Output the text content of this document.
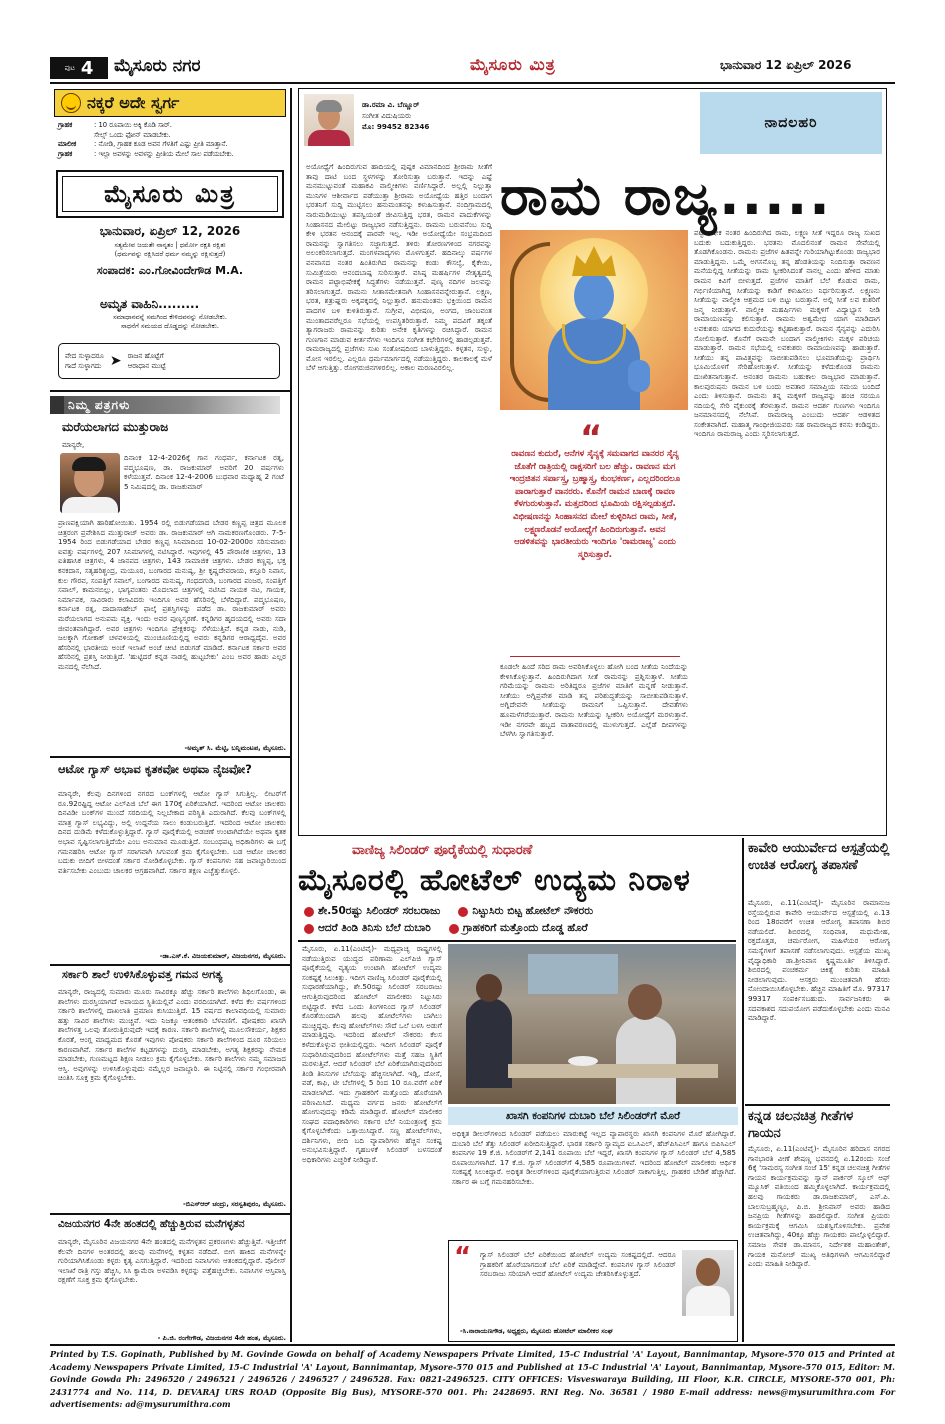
ಪುಟ 4 ಮೈಸೂರು ನಗರ	ಮೈಸೂರು ಮಿತ್ರ	ಭಾನುವಾರ 12 ಏಪ್ರಿಲ್ 2026
ನಕ್ಕರೆ ಅದೇ ಸ್ವರ್ಗ
ಗ್ರಾಹಕ	: 10 ರೂಪಾಯಿ ಅಕ್ಕಿ ಕೊಡಿ ಸಾರ್.
ಸೇಲ್ಸ್ ಒಂದು ಫೋನ್ ಮಾಡಬೇಕು.
ಮಾಲೀಕ	: ನೋಡಿ, ಗ್ರಾಹಕ ಕೂಡ ಅವನ ಗೆಳತಿಗೆ ಎಷ್ಟು ಪ್ರೀತಿ ಮಾತ್ತಾನೆ.
ಗ್ರಾಹಕ	: ಇಲ್ಲಾ ಅವಳನ್ನು ಅವಳನ್ನು ಪ್ರೀತಿಯ ಮೇಲೆ ಸಾಲ ಪಡೆಯಬೇಕು.
ಮೈಸೂರು ಮಿತ್ರ
ಭಾನುವಾರ, ಏಪ್ರಿಲ್ 12, 2026
ಸತ್ಯಮೇವ ಜಯತೇ ನಾನೃತಂ | ಧರ್ಮೋ ರಕ್ಷತಿ ರಕ್ಷಿತಃ
(ಧರ್ಮವನ್ನು ರಕ್ಷಿಸಿದರೆ ಧರ್ಮ ನಮ್ಮನ್ನು ರಕ್ಷಿಸುತ್ತದೆ)
ಸಂಪಾದಕ: ಎಂ.ಗೋವಿಂದೇಗೌಡ M.A.
ಅಮೃತ ವಾಹಿನಿ.........
ಸಮಾಧಾನವನ್ನೆ ಸಮಗಿಂದ ಕೇಳಿದವನನ್ನು ನೋಡಬೇಕು.
ಸಾಧನೆಗೆ ಸಮಯದ ದೊಡ್ಡದನ್ನು ನೋಡಬೇಕು.
ವೇದ ಸುಳ್ಳಾದರೂ
ಗಾದೆ ಸುಳ್ಳಾಗದು ➤ ರಾಜನ ಹೊಟ್ಟೆಗೆ
ಆರಾಧಾನ ಮುಟ್ಟೆ
ನಿಮ್ಮ ಪತ್ರಗಳು
ಮರೆಯಲಾಗದ ಮುತ್ತುರಾಜ
ಮಾನ್ಯರೇ,
ದಿನಾಂಕ 12-4-2026ಕ್ಕೆ ಗಾನ ಗಂಧರ್ವ, ಕರ್ನಾಟಕ ರತ್ನ, ಪದ್ಮಭೂಷಣ, ಡಾ. ರಾಜಕುಮಾರ್ ಅವರಿಗೆ 20 ವರ್ಷಗಳು ಕಳೆಯುತ್ತವೆ. ದಿನಾಂಕ 12-4-2006 ಬುಧವಾರ ಮಧ್ಯಾಹ್ನ 2 ಗಂಟೆ 5 ನಿಮಿಷದಲ್ಲಿ ಡಾ. ರಾಜಕುಮಾರ್
ಪ್ರಾಣಪಕ್ಷಿಯಾಗಿ ಹಾರಿಹೋಯಿತು. 1954 ರಲ್ಲಿ ಬಿಡುಗಡೆಯಾದ ಬೇಡರ ಕಣ್ಣಪ್ಪ ಚಿತ್ರದ ಮೂಲಕ ಚಿತ್ರರಂಗ ಪ್ರವೇಶಿಸಿದ ಮುತ್ತುರಾಜ್ ಅವರು ಡಾ. ರಾಜಕುಮಾರ್ ಆಗಿ ನಾಮಕರಣಗೊಂಡರು. 7-5-1954 ರಿಂದ ಬಿಡುಗಡೆಯಾದ ಬೇಡರ ಕಣ್ಣಪ್ಪ ಸಿನಿಮಾದಿಂದ 10-02-2000ರ ಸರಿಸುಮಾರು ಐವತ್ತು ವರ್ಷಗಳಲ್ಲಿ 207 ಸಿನಿಮಾಗಳಲ್ಲಿ ನಟಿಸಿದ್ದಾರೆ. ಇವುಗಳಲ್ಲಿ 45 ಪೌರಾಣಿಕ ಚಿತ್ರಗಳು, 13 ಐತಿಹಾಸಿಕ ಚಿತ್ರಗಳು, 4 ಜಾನಪದ ಚಿತ್ರಗಳು, 143 ಸಾಮಾಜಿಕ ಚಿತ್ರಗಳು. ಬೇಡರ ಕಣ್ಣಪ್ಪ, ಭಕ್ತ ಕನಕದಾಸ, ಸತ್ಯಹರಿಶ್ಚಂದ್ರ, ಮಯೂರ, ಬಂಗಾರದ ಮನುಷ್ಯ, ಶ್ರೀ ಕೃಷ್ಣದೇವರಾಯ, ಕಸ್ತೂರಿ ನಿವಾಸ, ಕುಲ ಗೌರವ, ಸಂಪತ್ತಿಗೆ ಸವಾಲ್, ಬಂಗಾರದ ಮನುಷ್ಯ, ಗಂಧದಗುಡಿ, ಬಂಗಾರದ ಪಂಜರ, ಸಂಪತ್ತಿಗೆ ಸವಾಲ್, ಕಾಮನಬಿಲ್ಲು, ಭಾಗ್ಯವಂತರು ಮೊದಲಾದ ಚಿತ್ರಗಳಲ್ಲಿ ನಟಿಸಿದ ನಾಯಕ ನಟ, ಗಾಯಕ, ನಿರ್ಮಾಪಕ, ಸಾವಿರಾರು ಕಲಾವಿದರು ಇಂದಿಗೂ ಅವರ ಹೆಸರಿನಲ್ಲಿ ಬೆಳೆದಿದ್ದಾರೆ. ಪದ್ಮಭೂಷಣ, ಕರ್ನಾಟಕ ರತ್ನ, ದಾದಾಸಾಹೇಬ್ ಫಾಲ್ಕೆ ಪ್ರಶಸ್ತಿಗಳನ್ನು ಪಡೆದ ಡಾ. ರಾಜಕುಮಾರ್ ಅವರು ಮರೆಯಲಾಗದ ಅನುಪಮ ವ್ಯಕ್ತಿ. ಇಂದು ಅವರ ಪುಣ್ಯಸ್ಮರಣೆ. ಕನ್ನಡಿಗರ ಹೃದಯದಲ್ಲಿ ಅವರು ಸದಾ ಜೀವಂತವಾಗಿದ್ದಾರೆ. ಅವರ ಚಿತ್ರಗಳು ಇಂದಿಗೂ ಪ್ರೇಕ್ಷಕರನ್ನು ಸೆಳೆಯುತ್ತಿವೆ. ಕನ್ನಡ ನಾಡು, ನುಡಿ, ಜಲಕ್ಕಾಗಿ ಗೋಕಾಕ್ ಚಳವಳಿಯಲ್ಲಿ ಮುಂಚೂಣಿಯಲ್ಲಿದ್ದ ಅವರು ಕನ್ನಡಿಗರ ಆರಾಧ್ಯದೈವ. ಅವರ ಹೆಸರಿನಲ್ಲಿ ಭಾರತೀಯ ಅಂಚೆ ಇಲಾಖೆ ಅಂಚೆ ಚೀಟಿ ಬಿಡುಗಡೆ ಮಾಡಿದೆ. ಕರ್ನಾಟಕ ಸರ್ಕಾರ ಅವರ ಹೆಸರಿನಲ್ಲಿ ಪ್ರಶಸ್ತಿ ನೀಡುತ್ತಿದೆ. 'ಹುಟ್ಟಿದರೆ ಕನ್ನಡ ನಾಡಲ್ಲಿ ಹುಟ್ಟಬೇಕು' ಎಂಬ ಅವರ ಹಾಡು ಎಲ್ಲರ ಮನದಲ್ಲಿ ನೆಲೆಸಿದೆ.
-ಅಮೃತ್ ಸಿ. ಮೆಟ್ಟಿ, ಬನ್ನಿಮಂಟಪ, ಮೈಸೂರು.
ಆಟೋ ಗ್ಯಾಸ್ ಅಭಾವ ಕೃತಕವೋ ಅಥವಾ ನೈಜವೋ?
ಮಾನ್ಯರೇ, ಕೆಲವು ದಿನಗಳಿಂದ ನಗರದ ಬಂಕ್‌ಗಳಲ್ಲಿ ಆಟೋ ಗ್ಯಾಸ್ ಸಿಗುತ್ತಿಲ್ಲ. ಲೀಟರ್‌ಗೆ ರೂ.92ರಷ್ಟಿದ್ದ ಆಟೋ ಎಲ್‌ಪಿಜಿ ಬೆಲೆ ಈಗ 170ಕ್ಕೆ ಏರಿಕೆಯಾಗಿದೆ. ಇದರಿಂದ ಆಟೋ ಚಾಲಕರು ದಿನವಿಡೀ ಬಂಕ್‌ಗಳ ಮುಂದೆ ಸರದಿಯಲ್ಲಿ ನಿಲ್ಲಬೇಕಾದ ಪರಿಸ್ಥಿತಿ ಎದುರಾಗಿದೆ. ಕೆಲವು ಬಂಕ್‌ಗಳಲ್ಲಿ ಮಾತ್ರ ಗ್ಯಾಸ್ ಲಭ್ಯವಿದ್ದು, ಅಲ್ಲಿ ಉದ್ದನೆಯ ಸಾಲು ಕಂಡುಬರುತ್ತಿದೆ. ಇದರಿಂದ ಆಟೋ ಚಾಲಕರು ದಿನದ ದುಡಿಮೆ ಕಳೆದುಕೊಳ್ಳುತ್ತಿದ್ದಾರೆ. ಗ್ಯಾಸ್ ಪೂರೈಕೆಯಲ್ಲಿ ಅಡಚಣೆ ಉಂಟಾಗಿದೆಯೇ ಅಥವಾ ಕೃತಕ ಅಭಾವ ಸೃಷ್ಟಿಸಲಾಗುತ್ತಿದೆಯೇ ಎಂಬ ಅನುಮಾನ ಮೂಡುತ್ತಿದೆ. ಸಂಬಂಧಪಟ್ಟ ಅಧಿಕಾರಿಗಳು ಈ ಬಗ್ಗೆ ಗಮನಹರಿಸಿ ಆಟೋ ಗ್ಯಾಸ್ ಸರಾಗವಾಗಿ ಸಿಗುವಂತೆ ಕ್ರಮ ಕೈಗೊಳ್ಳಬೇಕು. ಬಡ ಆಟೋ ಚಾಲಕರ ಬದುಕು ಬೀದಿಗೆ ಬೀಳದಂತೆ ಸರ್ಕಾರ ನೋಡಿಕೊಳ್ಳಬೇಕು. ಗ್ಯಾಸ್ ಕಂಪನಿಗಳು ಸಹ ಜವಾಬ್ದಾರಿಯಿಂದ ವರ್ತಿಸಬೇಕು ಎಂಬುದು ಚಾಲಕರ ಆಗ್ರಹವಾಗಿದೆ. ಸರ್ಕಾರ ತಕ್ಷಣ ಎಚ್ಚೆತ್ತುಕೊಳ್ಳಲಿ.
-ಡಾ.ಎಸ್.ಕೆ. ವಿಜಯಕುಮಾರ್, ವಿಜಯನಗರ, ಮೈಸೂರು.
ಸರ್ಕಾರಿ ಶಾಲೆ ಉಳಿಸಿಕೊಳ್ಳುವತ್ತ ಗಮನ ಅಗತ್ಯ
ಮಾನ್ಯರೇ, ರಾಜ್ಯದಲ್ಲಿ ಸುಮಾರು ಮೂರು ಸಾವಿರಕ್ಕೂ ಹೆಚ್ಚು ಸರ್ಕಾರಿ ಶಾಲೆಗಳು ಶಿಥಿಲಗೊಂಡು, ಈ ಶಾಲೆಗಳು ದುರಸ್ತಿಯಾಗದೆ ಅಪಾಯದ ಸ್ಥಿತಿಯಲ್ಲಿವೆ ಎಂದು ವರದಿಯಾಗಿದೆ. ಕಳೆದ ಕೆಲ ವರ್ಷಗಳಿಂದ ಸರ್ಕಾರಿ ಶಾಲೆಗಳಲ್ಲಿ ದಾಖಲಾತಿ ಪ್ರಮಾಣ ಕುಸಿಯುತ್ತಿದೆ. 15 ವರ್ಷದ ಕಾಲಾವಧಿಯಲ್ಲಿ ಸುಮಾರು ಹತ್ತು ಸಾವಿರ ಶಾಲೆಗಳು ಮುಚ್ಚಿವೆ. ಇದು ನಿಜಕ್ಕೂ ಆತಂಕಕಾರಿ ಬೆಳವಣಿಗೆ. ಪೋಷಕರು ಖಾಸಗಿ ಶಾಲೆಗಳತ್ತ ಒಲವು ತೋರುತ್ತಿರುವುದೇ ಇದಕ್ಕೆ ಕಾರಣ. ಸರ್ಕಾರಿ ಶಾಲೆಗಳಲ್ಲಿ ಮೂಲಸೌಕರ್ಯ, ಶಿಕ್ಷಕರ ಕೊರತೆ, ಆಂಗ್ಲ ಮಾಧ್ಯಮದ ಕೊರತೆ ಇವುಗಳು ಪೋಷಕರು ಸರ್ಕಾರಿ ಶಾಲೆಗಳಿಂದ ದೂರ ಸರಿಯಲು ಕಾರಣವಾಗಿವೆ. ಸರ್ಕಾರ ಶಾಲೆಗಳ ಕಟ್ಟಡಗಳನ್ನು ದುರಸ್ತಿ ಮಾಡಬೇಕು, ಅಗತ್ಯ ಶಿಕ್ಷಕರನ್ನು ನೇಮಕ ಮಾಡಬೇಕು, ಗುಣಮಟ್ಟದ ಶಿಕ್ಷಣ ನೀಡಲು ಕ್ರಮ ಕೈಗೊಳ್ಳಬೇಕು. ಸರ್ಕಾರಿ ಶಾಲೆಗಳು ನಮ್ಮ ಸಮಾಜದ ಆಸ್ತಿ. ಅವುಗಳನ್ನು ಉಳಿಸಿಕೊಳ್ಳುವುದು ನಮ್ಮೆಲ್ಲರ ಜವಾಬ್ದಾರಿ. ಈ ನಿಟ್ಟಿನಲ್ಲಿ ಸರ್ಕಾರ ಗಂಭೀರವಾಗಿ ಚಿಂತಿಸಿ ಸೂಕ್ತ ಕ್ರಮ ಕೈಗೊಳ್ಳಬೇಕು.
-ಬಿಎಸ್‌ಆರ್ ಚಂದ್ರು, ಸರಸ್ವತಿಪುರಂ, ಮೈಸೂರು.
ವಿಜಯನಗರ 4ನೇ ಹಂತದಲ್ಲಿ ಹೆಚ್ಚುತ್ತಿರುವ ಮನೆಗಳ್ಳತನ
ಮಾನ್ಯರೇ, ಮೈಸೂರಿನ ವಿಜಯನಗರ 4ನೇ ಹಂತದಲ್ಲಿ ಮನೆಗಳ್ಳತನ ಪ್ರಕರಣಗಳು ಹೆಚ್ಚುತ್ತಿವೆ. ಇತ್ತೀಚೆಗೆ ಕೆಲವೇ ದಿನಗಳ ಅಂತರದಲ್ಲಿ ಹಲವು ಮನೆಗಳಲ್ಲಿ ಕಳ್ಳತನ ನಡೆದಿದೆ. ಬೀಗ ಹಾಕಿದ ಮನೆಗಳನ್ನೇ ಗುರಿಯಾಗಿಸಿಕೊಂಡು ಕಳ್ಳರು ಕೃತ್ಯ ಎಸಗುತ್ತಿದ್ದಾರೆ. ಇದರಿಂದ ನಿವಾಸಿಗಳು ಆತಂಕದಲ್ಲಿದ್ದಾರೆ. ಪೊಲೀಸ್ ಇಲಾಖೆ ರಾತ್ರಿ ಗಸ್ತು ಹೆಚ್ಚಿಸಿ, ಸಿಸಿ ಕ್ಯಾಮೆರಾ ಅಳವಡಿಸಿ ಕಳ್ಳರನ್ನು ಪತ್ತೆಹಚ್ಚಬೇಕು. ನಿವಾಸಿಗಳ ಆಸ್ತಿಪಾಸ್ತಿ ರಕ್ಷಣೆಗೆ ಸೂಕ್ತ ಕ್ರಮ ಕೈಗೊಳ್ಳಬೇಕು.
- ಪಿ.ಜಿ. ರಂಗೇಗೌಡ, ವಿಜಯನಗರ 4ನೇ ಹಂತ, ಮೈಸೂರು.
ಡಾ.ರಮಾ ವಿ. ಬೆಣ್ಣೂರ್
ಸಂಗೀತ ವಿದುಷಿಯರು
ಮೊ: 99452 82346	ನಾದಲಹರಿ
ರಾಮ ರಾಜ್ಯ.....
ಅಯೋಧ್ಯೆಗೆ ಹಿಂದಿರುಗುವ ಹಾದಿಯಲ್ಲಿ ಪುಷ್ಪಕ ವಿಮಾನದಿಂದ ಶ್ರೀರಾಮ ಸೀತೆಗೆ ತಾವು ದಾಟಿ ಬಂದ ಸ್ಥಳಗಳನ್ನು ತೋರಿಸುತ್ತಾ ಬರುತ್ತಾನೆ. ಇದನ್ನು ಎಷ್ಟೆ ಮನಮುಟ್ಟುವಂತೆ ಮಹಾಕವಿ ವಾಲ್ಮೀಕಿಗಳು ವರ್ಣಿಸಿದ್ದಾರೆ. ಅಲ್ಲಲ್ಲಿ ನಿಲ್ಲುತ್ತಾ ಮುನಿಗಳ ಆಶೀರ್ವಾದ ಪಡೆಯುತ್ತಾ ಶ್ರೀರಾಮ ಅಯೋಧ್ಯೆಯ ಹತ್ತಿರ ಬಂದಾಗ ಭರತನಿಗೆ ಸುದ್ದಿ ಮುಟ್ಟಿಸಲು ಹನುಮಂತನನ್ನು ಕಳುಹಿಸುತ್ತಾನೆ. ನಂದಿಗ್ರಾಮದಲ್ಲಿ ನಾರುಮಡಿಯುಟ್ಟು ತಪಸ್ವಿಯಂತೆ ಜೀವಿಸುತ್ತಿದ್ದ ಭರತ, ರಾಮನ ಪಾದುಕೆಗಳನ್ನು ಸಿಂಹಾಸನದ ಮೇಲಿಟ್ಟು ರಾಜ್ಯಭಾರ ನಡೆಸುತ್ತಿದ್ದನು. ರಾಮನು ಬರುವನೆಂಬ ಸುದ್ದಿ ಕೇಳಿ ಭರತನ ಆನಂದಕ್ಕೆ ಪಾರವೇ ಇಲ್ಲ. ಇಡೀ ಅಯೋಧ್ಯೆಯೇ ಸಂಭ್ರಮದಿಂದ ರಾಮನನ್ನು ಸ್ವಾಗತಿಸಲು ಸಜ್ಜಾಗುತ್ತದೆ. ತಳಿರು ತೋರಣಗಳಿಂದ ನಗರವನ್ನು ಅಲಂಕರಿಸಲಾಗುತ್ತದೆ. ಮಂಗಳವಾದ್ಯಗಳು ಮೊಳಗುತ್ತವೆ. ಹದಿನಾಲ್ಕು ವರ್ಷಗಳ ವನವಾಸದ ನಂತರ ಹಿಂತಿರುಗಿದ ರಾಮನನ್ನು ಕಂಡು ಕೌಸಲ್ಯೆ, ಕೈಕೇಯಿ, ಸುಮಿತ್ರೆಯರು ಆನಂದಬಾಷ್ಪ ಸುರಿಸುತ್ತಾರೆ. ವಸಿಷ್ಠ ಮಹರ್ಷಿಗಳ ನೇತೃತ್ವದಲ್ಲಿ ರಾಮನ ಪಟ್ಟಾಭಿಷೇಕಕ್ಕೆ ಸಿದ್ಧತೆಗಳು ನಡೆಯುತ್ತವೆ. ಪುಣ್ಯ ನದಿಗಳ ಜಲವನ್ನು ತರಿಸಲಾಗುತ್ತದೆ. ರಾಮನು ಸೀತಾಸಮೇತನಾಗಿ ಸಿಂಹಾಸನವನ್ನೇರುತ್ತಾನೆ. ಲಕ್ಷ್ಮಣ, ಭರತ, ಶತ್ರುಘ್ನರು ಅಕ್ಕಪಕ್ಕದಲ್ಲಿ ನಿಲ್ಲುತ್ತಾರೆ. ಹನುಮಂತನು ಭಕ್ತಿಯಿಂದ ರಾಮನ ಪಾದಗಳ ಬಳಿ ಕುಳಿತಿರುತ್ತಾನೆ. ಸುಗ್ರೀವ, ವಿಭೀಷಣ, ಅಂಗದ, ಜಾಂಬವಂತ ಮುಂತಾದವರೆಲ್ಲರೂ ಸಭೆಯಲ್ಲಿ ಉಪಸ್ಥಿತರಿರುತ್ತಾರೆ. ನಿಮ್ಮ ಪದವಿಗೆ ತಕ್ಕಂತೆ ತ್ಯಾಗರಾಜರು ರಾಮನನ್ನು ಕುರಿತು ಅನೇಕ ಕೃತಿಗಳನ್ನು ರಚಿಸಿದ್ದಾರೆ. ರಾಮನ ಗುಣಗಾನ ಮಾಡುವ ಕೀರ್ತನೆಗಳು ಇಂದಿಗೂ ಸಂಗೀತ ಕಛೇರಿಗಳಲ್ಲಿ ಹಾಡಲ್ಪಡುತ್ತವೆ. ರಾಮರಾಜ್ಯದಲ್ಲಿ ಪ್ರಜೆಗಳು ಸುಖ ಸಂತೋಷದಿಂದ ಬಾಳುತ್ತಿದ್ದರು. ಕಳ್ಳತನ, ಸುಳ್ಳು, ಮೋಸ ಇರಲಿಲ್ಲ. ಎಲ್ಲರೂ ಧರ್ಮಮಾರ್ಗದಲ್ಲಿ ನಡೆಯುತ್ತಿದ್ದರು. ಕಾಲಕಾಲಕ್ಕೆ ಮಳೆ ಬೆಳೆ ಆಗುತ್ತಿತ್ತು. ರೋಗರುಜಿನಗಳಿರಲಿಲ್ಲ. ಅಕಾಲ ಮರಣವಿರಲಿಲ್ಲ.
ಪಟ್ಟಾಭಿಷೇಕ ನಂತರ ಹಿಂದಿರುಗಿದ ರಾಮ, ಲಕ್ಷ್ಮಣ ಸೀತೆ ಇದ್ದರೂ ರಾಜ್ಯ ಸುಖದ ಬದುಕು ಬದುಕುತ್ತಿದ್ದರು. ಭರತನು ಮೊದಲಿನಂತೆ ರಾಮನ ಸೇವೆಯಲ್ಲಿ ತೊಡಗಿಕೊಂಡನು. ರಾಮನು ಪ್ರಜೆಗಳ ಹಿತವನ್ನೇ ಗುರಿಯಾಗಿಟ್ಟುಕೊಂಡು ರಾಜ್ಯಭಾರ ಮಾಡುತ್ತಿದ್ದನು. ಒಮ್ಮೆ ಅಗಸನೊಬ್ಬ ತನ್ನ ಹೆಂಡತಿಯನ್ನು ನಿಂದಿಸುತ್ತಾ ರಾವಣನ ಮನೆಯಲ್ಲಿದ್ದ ಸೀತೆಯನ್ನು ರಾಮ ಸ್ವೀಕರಿಸಿದಂತೆ ನಾನಲ್ಲ ಎಂದು ಹೇಳಿದ ಮಾತು ರಾಮನ ಕಿವಿಗೆ ಬೀಳುತ್ತದೆ. ಪ್ರಜೆಗಳ ಮಾತಿಗೆ ಬೆಲೆ ಕೊಡುವ ರಾಮ, ಗರ್ಭಿಣಿಯಾಗಿದ್ದ ಸೀತೆಯನ್ನು ಕಾಡಿಗೆ ಕಳುಹಿಸಲು ನಿರ್ಧರಿಸುತ್ತಾನೆ. ಲಕ್ಷ್ಮಣನು ಸೀತೆಯನ್ನು ವಾಲ್ಮೀಕಿ ಆಶ್ರಮದ ಬಳಿ ಬಿಟ್ಟು ಬರುತ್ತಾನೆ. ಅಲ್ಲಿ ಸೀತೆ ಲವ ಕುಶರಿಗೆ ಜನ್ಮ ನೀಡುತ್ತಾಳೆ. ವಾಲ್ಮೀಕಿ ಮಹರ್ಷಿಗಳು ಮಕ್ಕಳಿಗೆ ವಿದ್ಯಾಭ್ಯಾಸ ನೀಡಿ ರಾಮಾಯಣವನ್ನು ಕಲಿಸುತ್ತಾರೆ. ರಾಮನು ಅಶ್ವಮೇಧ ಯಾಗ ಮಾಡಿದಾಗ ಲವಕುಶರು ಯಾಗದ ಕುದುರೆಯನ್ನು ಕಟ್ಟಿಹಾಕುತ್ತಾರೆ. ರಾಮನ ಸೈನ್ಯವನ್ನು ಎದುರಿಸಿ ಸೋಲಿಸುತ್ತಾರೆ. ಕೊನೆಗೆ ರಾಮನೇ ಬಂದಾಗ ವಾಲ್ಮೀಕಿಗಳು ಮಕ್ಕಳ ಪರಿಚಯ ಮಾಡುತ್ತಾರೆ. ರಾಮನ ಸಭೆಯಲ್ಲಿ ಲವಕುಶರು ರಾಮಾಯಣವನ್ನು ಹಾಡುತ್ತಾರೆ. ಸೀತೆಯು ತನ್ನ ಪಾವಿತ್ರ್ಯವನ್ನು ಸಾಬೀತುಪಡಿಸಲು ಭೂಮಾತೆಯನ್ನು ಪ್ರಾರ್ಥಿಸಿ ಭೂಮಿಯೊಳಗೆ ಸೇರಿಹೋಗುತ್ತಾಳೆ. ಸೀತೆಯನ್ನು ಕಳೆದುಕೊಂಡ ರಾಮನು ದುಃಖಿತನಾಗುತ್ತಾನೆ. ಅನಂತರ ರಾಮನು ಬಹುಕಾಲ ರಾಜ್ಯಭಾರ ಮಾಡುತ್ತಾನೆ. ಕಾಲಪುರುಷನು ರಾಮನ ಬಳಿ ಬಂದು ಅವತಾರ ಸಮಾಪ್ತಿಯ ಸಮಯ ಬಂದಿದೆ ಎಂದು ತಿಳಿಸುತ್ತಾನೆ. ರಾಮನು ತನ್ನ ಮಕ್ಕಳಿಗೆ ರಾಜ್ಯವನ್ನು ಹಂಚಿ ಸರಯೂ ನದಿಯಲ್ಲಿ ಸೇರಿ ವೈಕುಂಠಕ್ಕೆ ತೆರಳುತ್ತಾನೆ. ರಾಮನ ಆದರ್ಶ ಗುಣಗಳು ಇಂದಿಗೂ ಜನಮಾನಸದಲ್ಲಿ ನೆಲೆಸಿವೆ. ರಾಮರಾಜ್ಯ ಎಂಬುದು ಆದರ್ಶ ಆಡಳಿತದ ಸಂಕೇತವಾಗಿದೆ. ಮಹಾತ್ಮ ಗಾಂಧೀಜಿಯವರು ಸಹ ರಾಮರಾಜ್ಯದ ಕನಸು ಕಂಡಿದ್ದರು. ಇಂದಿಗೂ ರಾಮರಾಜ್ಯ ಎಂದು ಸ್ಮರಿಸಲಾಗುತ್ತದೆ.
“
ರಾವಣನ ಕುದುರೆ, ಆನೆಗಳ ಸೈನ್ಯಕ್ಕೆ ಸಮವಾಗದ ವಾನರರ ಸೈನ್ಯ ಜೊತೆಗೆ ರಾತ್ರಿಯಲ್ಲಿ ರಾಕ್ಷಸರಿಗೆ ಬಲ ಹೆಚ್ಚು. ರಾವಣನ ಮಗ ಇಂದ್ರಜಿತನ ಸರ್ಪಾಸ್ತ್ರ, ಬ್ರಹ್ಮಾಸ್ತ್ರ, ಕುಂಭಕರ್ಣ, ಎಲ್ಲದರಿಂದಲೂ ಪಾರಾಗುತ್ತಾರೆ ವಾನರರು. ಕೊನೆಗೆ ರಾಮನ ಬಾಣಕ್ಕೆ ರಾವಣ ಕೆಳಗುರುಳುತ್ತಾನೆ. ಮತ್ತದರಿಂದ ಭೂಮಿಯ ರಕ್ಷಿಸಲ್ಪಡುತ್ತದೆ. ವಿಭೀಷಣನನ್ನು ಸಿಂಹಾಸನದ ಮೇಲೆ ಕುಳ್ಳಿರಿಸಿದ ರಾಮ, ಸೀತೆ, ಲಕ್ಷ್ಮಣರೊಡನೆ ಅಯೋಧ್ಯೆಗೆ ಹಿಂದಿರುಗುತ್ತಾನೆ. ಅವನ ಆಡಳಿತವನ್ನು ಭಾರತೀಯರು ಇಂದಿಗೂ 'ರಾಮರಾಜ್ಯ' ಎಂದು ಸ್ಮರಿಸುತ್ತಾರೆ.
ಕೂಡಲೇ ಹಿಂದೆ ಸರಿದ ರಾಮ ಅವರಿಸಿಕೊಳ್ಳಲು ಹೋಗಿ ಬಂದ ಸೀತೆಯ ನಿಂದೆಯನ್ನು ಕೇಳಿಸಿಕೊಳ್ಳುತ್ತಾನೆ. ಹಿಂದಿರುಗಿದಾಗ ಸೀತೆ ರಾಮನನ್ನು ಪ್ರಶ್ನಿಸುತ್ತಾಳೆ. ಸೀತೆಯ ಗರಿಮೆಯನ್ನು ರಾಮನು ಅರಿತಿದ್ದರೂ ಪ್ರಜೆಗಳ ಮಾತಿಗೆ ಮನ್ನಣೆ ನೀಡುತ್ತಾನೆ. ಸೀತೆಯು ಅಗ್ನಿಪ್ರವೇಶ ಮಾಡಿ ತನ್ನ ಪರಿಶುದ್ಧತೆಯನ್ನು ಸಾಬೀತುಪಡಿಸುತ್ತಾಳೆ. ಅಗ್ನಿದೇವನೇ ಸೀತೆಯನ್ನು ರಾಮನಿಗೆ ಒಪ್ಪಿಸುತ್ತಾನೆ. ದೇವತೆಗಳು ಹೂಮಳೆಗರೆಯುತ್ತಾರೆ. ರಾಮನು ಸೀತೆಯನ್ನು ಸ್ವೀಕರಿಸಿ ಅಯೋಧ್ಯೆಗೆ ಮರಳುತ್ತಾನೆ. ಇಡೀ ನಗರವೇ ಹಬ್ಬದ ವಾತಾವರಣದಲ್ಲಿ ಮುಳುಗುತ್ತದೆ. ಎಲ್ಲೆಡೆ ದೀಪಗಳನ್ನು ಬೆಳಗಿಸಿ ಸ್ವಾಗತಿಸುತ್ತಾರೆ.
ವಾಣಿಜ್ಯ ಸಿಲಿಂಡರ್ ಪೂರೈಕೆಯಲ್ಲಿ ಸುಧಾರಣೆ
ಮೈಸೂರಲ್ಲಿ ಹೋಟೆಲ್ ಉದ್ಯಮ ನಿರಾಳ
ಶೇ.50ರಷ್ಟು ಸಿಲಿಂಡರ್ ಸರಬರಾಜು	ನಿಟ್ಟುಸಿರು ಬಿಟ್ಟ ಹೋಟೆಲ್ ನೌಕರರು
ಆದರೆ ತಿಂಡಿ ತಿನಿಸು ಬೆಲೆ ದುಬಾರಿ	ಗ್ರಾಹಕರಿಗೆ ಮತ್ತೊಂದು ದೊಡ್ಡ ಹೊರೆ
ಮೈಸೂರು, ಏ.11(ಎಂಟಿವೈ)- ಮಧ್ಯಪ್ರಾಚ್ಯ ರಾಷ್ಟ್ರಗಳಲ್ಲಿ ನಡೆಯುತ್ತಿರುವ ಯುದ್ಧದ ಪರಿಣಾಮ ಎಲ್‌ಪಿಜಿ ಗ್ಯಾಸ್ ಪೂರೈಕೆಯಲ್ಲಿ ವ್ಯತ್ಯಯ ಉಂಟಾಗಿ ಹೋಟೆಲ್ ಉದ್ಯಮ ಸಂಕಷ್ಟಕ್ಕೆ ಸಿಲುಕಿತ್ತು. ಇದೀಗ ವಾಣಿಜ್ಯ ಸಿಲಿಂಡರ್ ಪೂರೈಕೆಯಲ್ಲಿ ಸುಧಾರಣೆಯಾಗಿದ್ದು, ಶೇ.50ರಷ್ಟು ಸಿಲಿಂಡರ್ ಸರಬರಾಜು ಆಗುತ್ತಿರುವುದರಿಂದ ಹೋಟೆಲ್ ಮಾಲೀಕರು ನಿಟ್ಟುಸಿರು ಬಿಟ್ಟಿದ್ದಾರೆ. ಕಳೆದ ಒಂದು ತಿಂಗಳಿನಿಂದ ಗ್ಯಾಸ್ ಸಿಲಿಂಡರ್ ಕೊರತೆಯಿಂದಾಗಿ ಹಲವು ಹೋಟೆಲ್‌ಗಳು ಬಾಗಿಲು ಮುಚ್ಚಿದ್ದವು. ಕೆಲವು ಹೋಟೆಲ್‌ಗಳು ಸೌದೆ ಒಲೆ ಬಳಸಿ ಅಡುಗೆ ಮಾಡುತ್ತಿದ್ದವು. ಇದರಿಂದ ಹೋಟೆಲ್ ನೌಕರರು ಕೆಲಸ ಕಳೆದುಕೊಳ್ಳುವ ಭೀತಿಯಲ್ಲಿದ್ದರು. ಇದೀಗ ಸಿಲಿಂಡರ್ ಪೂರೈಕೆ ಸುಧಾರಿಸಿರುವುದರಿಂದ ಹೋಟೆಲ್‌ಗಳು ಮತ್ತೆ ಸಹಜ ಸ್ಥಿತಿಗೆ ಮರಳುತ್ತಿವೆ. ಆದರೆ ಸಿಲಿಂಡರ್ ಬೆಲೆ ಏರಿಕೆಯಾಗಿರುವುದರಿಂದ ತಿಂಡಿ ತಿನಿಸುಗಳ ಬೆಲೆಯನ್ನು ಹೆಚ್ಚಿಸಲಾಗಿದೆ. ಇಡ್ಲಿ, ದೋಸೆ, ವಡೆ, ಕಾಫಿ, ಟೀ ಬೆಲೆಗಳಲ್ಲಿ 5 ರಿಂದ 10 ರೂ.ವರೆಗೆ ಏರಿಕೆ ಮಾಡಲಾಗಿದೆ. ಇದು ಗ್ರಾಹಕರಿಗೆ ಮತ್ತೊಂದು ಹೊರೆಯಾಗಿ ಪರಿಣಮಿಸಿದೆ. ಮಧ್ಯಮ ವರ್ಗದ ಜನರು ಹೋಟೆಲ್‌ಗೆ ಹೋಗುವುದನ್ನು ಕಡಿಮೆ ಮಾಡಿದ್ದಾರೆ. ಹೋಟೆಲ್ ಮಾಲೀಕರ ಸಂಘದ ಪದಾಧಿಕಾರಿಗಳು ಸರ್ಕಾರ ಬೆಲೆ ನಿಯಂತ್ರಣಕ್ಕೆ ಕ್ರಮ ಕೈಗೊಳ್ಳಬೇಕೆಂದು ಒತ್ತಾಯಿಸಿದ್ದಾರೆ. ಸಣ್ಣ ಹೋಟೆಲ್‌ಗಳು, ದರ್ಶಿನಿಗಳು, ಬೀದಿ ಬದಿ ವ್ಯಾಪಾರಿಗಳು ಹೆಚ್ಚಿನ ಸಂಕಷ್ಟ ಅನುಭವಿಸುತ್ತಿದ್ದಾರೆ. ಗೃಹಬಳಕೆ ಸಿಲಿಂಡರ್ ಬಳಸದಂತೆ ಅಧಿಕಾರಿಗಳು ಎಚ್ಚರಿಕೆ ನೀಡಿದ್ದಾರೆ.
ಖಾಸಗಿ ಕಂಪನಿಗಳ ದುಬಾರಿ ಬೆಲೆ ಸಿಲಿಂಡರ್‌ಗೆ ಮೊರೆ
ಅಧಿಕೃತ ಡೀಲರ್‌ಗಳಿಂದ ಸಿಲಿಂಡರ್ ಪಡೆಯಲು ಮಾರುಕಟ್ಟೆ ಇಲ್ಲದ ವ್ಯಾಪಾರಸ್ಥರು ಖಾಸಗಿ ಕಂಪನಿಗಳ ಮೊರೆ ಹೋಗಿದ್ದಾರೆ. ದುಬಾರಿ ಬೆಲೆ ತೆತ್ತು ಸಿಲಿಂಡರ್ ಖರೀದಿಸುತ್ತಿದ್ದಾರೆ. ಭಾರತ ಸರ್ಕಾರಿ ಸ್ವಾಮ್ಯದ ಐಒಸಿಎಲ್, ಹೆಚ್‌ಪಿಸಿಎಲ್ ಹಾಗೂ ಬಿಪಿಸಿಎಲ್ ಕಂಪನಿಗಳ 19 ಕೆ.ಜಿ. ಸಿಲಿಂಡರ್‌ಗೆ 2,141 ರೂಪಾಯಿ ಬೆಲೆ ಇದ್ದರೆ, ಖಾಸಗಿ ಕಂಪನಿಗಳ ಗ್ಯಾಸ್ ಸಿಲಿಂಡರ್ ಬೆಲೆ 4,585 ರೂಪಾಯಿಗಳಾಗಿದೆ. 17 ಕೆ.ಜಿ. ಗ್ಯಾಸ್ ಸಿಲಿಂಡರ್‌ಗೆ 4,585 ರೂಪಾಯಿಗಳಿವೆ. ಇದರಿಂದ ಹೋಟೆಲ್ ಮಾಲೀಕರು ಆರ್ಥಿಕ ಸಂಕಷ್ಟಕ್ಕೆ ಸಿಲುಕಿದ್ದಾರೆ. ಅಧಿಕೃತ ಡೀಲರ್‌ಗಳಿಂದ ಪೂರೈಕೆಯಾಗುತ್ತಿರುವ ಸಿಲಿಂಡರ್ ಸಾಕಾಗುತ್ತಿಲ್ಲ. ಗ್ರಾಹಕರ ಬೇಡಿಕೆ ಹೆಚ್ಚಾಗಿದೆ. ಸರ್ಕಾರ ಈ ಬಗ್ಗೆ ಗಮನಹರಿಸಬೇಕು.
“ ಗ್ಯಾಸ್ ಸಿಲಿಂಡರ್ ಬೆಲೆ ಏರಿಕೆಯಿಂದ ಹೋಟೆಲ್ ಉದ್ಯಮ ಸಂಕಷ್ಟದಲ್ಲಿದೆ. ಆದರೂ ಗ್ರಾಹಕರಿಗೆ ಹೊರೆಯಾಗದಂತೆ ಬೆಲೆ ಏರಿಕೆ ಮಾಡಿದ್ದೇವೆ. ಕಂಪನಿಗಳ ಗ್ಯಾಸ್ ಸಿಲಿಂಡರ್ ಸರಬರಾಜು ಸರಿಯಾಗಿ ಆದರೆ ಹೋಟೆಲ್ ಉದ್ಯಮ ಚೇತರಿಸಿಕೊಳ್ಳುತ್ತದೆ.
-ಸಿ.ನಾರಾಯಣಗೌಡ, ಅಧ್ಯಕ್ಷರು, ಮೈಸೂರು ಹೋಟೆಲ್ ಮಾಲೀಕರ ಸಂಘ
ಕಾವೇರಿ ಆಯುರ್ವೇದ ಆಸ್ಪತ್ರೆಯಲ್ಲಿ ಉಚಿತ ಆರೋಗ್ಯ ತಪಾಸಣೆ
ಮೈಸೂರು, ಏ.11(ಎಂಟಿವೈ)- ಮೈಸೂರಿನ ರಾಮಾನುಜ ರಸ್ತೆಯಲ್ಲಿರುವ ಕಾವೇರಿ ಆಯುರ್ವೇದ ಆಸ್ಪತ್ರೆಯಲ್ಲಿ ಏ.13 ರಿಂದ 18ರವರೆಗೆ ಉಚಿತ ಆರೋಗ್ಯ ತಪಾಸಣಾ ಶಿಬಿರ ನಡೆಯಲಿದೆ. ಶಿಬಿರದಲ್ಲಿ ಸಂಧಿವಾತ, ಮಧುಮೇಹ, ರಕ್ತದೊತ್ತಡ, ಚರ್ಮರೋಗ, ಮಹಿಳೆಯರ ಆರೋಗ್ಯ ಸಮಸ್ಯೆಗಳಿಗೆ ತಪಾಸಣೆ ನಡೆಸಲಾಗುವುದು. ಆಸ್ಪತ್ರೆಯ ಮುಖ್ಯ ವೈದ್ಯಾಧಿಕಾರಿ ಡಾ.ಶ್ರೀನಿವಾಸ ಕೃಷ್ಣಮೂರ್ತಿ ತಿಳಿಸಿದ್ದಾರೆ. ಶಿಬಿರದಲ್ಲಿ ಪಂಚಕರ್ಮ ಚಿಕಿತ್ಸೆ ಕುರಿತು ಮಾಹಿತಿ ನೀಡಲಾಗುವುದು. ಆಸಕ್ತರು ಮುಂಚಿತವಾಗಿ ಹೆಸರು ನೋಂದಾಯಿಸಿಕೊಳ್ಳಬೇಕು. ಹೆಚ್ಚಿನ ಮಾಹಿತಿಗೆ ಮೊ. 97317 99317 ಸಂಪರ್ಕಿಸಬಹುದು. ಸಾರ್ವಜನಿಕರು ಈ ಸದವಕಾಶದ ಸದುಪಯೋಗ ಪಡೆದುಕೊಳ್ಳಬೇಕು ಎಂದು ಮನವಿ ಮಾಡಿದ್ದಾರೆ.
ಕನ್ನಡ ಚಲನಚಿತ್ರ ಗೀತೆಗಳ ಗಾಯನ
ಮೈಸೂರು, ಏ.11(ಎಂಟಿವೈ)- ಮೈಸೂರಿನ ಹರಿದಾಸ ನಗರದ ಗಾನಭಾರತಿ ವೀಣೆ ಶೇಷಣ್ಣ ಭವನದಲ್ಲಿ ಏ.12ರಂದು ಸಂಜೆ 6ಕ್ಕೆ 'ಸಾಮರಸ್ಯ ಸಂಗೀತ ಸಂಜೆ 15' ಕನ್ನಡ ಚಲನಚಿತ್ರ ಗೀತೆಗಳ ಗಾಯನ ಕಾರ್ಯಕ್ರಮವನ್ನು ಸ್ವಾನ್ ಪಾರ್ಕರ್ ಸ್ಕೂಲ್ ಆಫ್ ಮ್ಯೂಸಿಕ್ ವತಿಯಿಂದ ಹಮ್ಮಿಕೊಳ್ಳಲಾಗಿದೆ. ಕಾರ್ಯಕ್ರಮದಲ್ಲಿ ಹಲವು ಗಾಯಕರು ಡಾ.ರಾಜಕುಮಾರ್, ಎಸ್.ಪಿ. ಬಾಲಸುಬ್ರಹ್ಮಣ್ಯಂ, ಪಿ.ಬಿ. ಶ್ರೀನಿವಾಸ್ ಅವರು ಹಾಡಿದ ಜನಪ್ರಿಯ ಗೀತೆಗಳನ್ನು ಹಾಡಲಿದ್ದಾರೆ. ಸಂಗೀತ ಪ್ರಿಯರು ಕಾರ್ಯಕ್ರಮಕ್ಕೆ ಆಗಮಿಸಿ ಯಶಸ್ವಿಗೊಳಿಸಬೇಕು. ಪ್ರವೇಶ ಉಚಿತವಾಗಿದ್ದು, 40ಕ್ಕೂ ಹೆಚ್ಚು ಗಾಯಕರು ಪಾಲ್ಗೊಳ್ಳಲಿದ್ದಾರೆ. ಸಮಾಜ ಸೇವಕ ಡಾ.ಮಾನಸ, ನಿರ್ದೇಶಕ ಮಹಾಂತೇಶ್, ಗಾಯಕ ಮನೋಜ್ ಮುಖ್ಯ ಅತಿಥಿಗಳಾಗಿ ಆಗಮಿಸಲಿದ್ದಾರೆ ಎಂದು ಮಾಹಿತಿ ನೀಡಿದ್ದಾರೆ.
Printed by T.S. Gopinath, Published by M. Govinde Gowda on behalf of Academy Newspapers Private Limited, 15-C Industrial 'A' Layout, Bannimantap, Mysore-570 015 and Printed at Academy Newspapers Private Limited, 15-C Industrial 'A' Layout, Bannimantap, Mysore-570 015 and Published at 15-C Industrial 'A' Layout, Bannimantap, Mysore-570 015, Editor: M. Govinde Gowda Ph: 2496520 / 2496521 / 2496526 / 2496527 / 2496528. Fax: 0821-2496525. CITY OFFICES: Visveswaraya Building, III Floor, K.R. CIRCLE, MYSORE-570 001, Ph: 2431774 and No. 114, D. DEVARAJ URS ROAD (Opposite Big Bus), MYSORE-570 001. Ph: 2428695. RNI Reg. No. 36581 / 1980 E-mail address: news@mysurumithra.com For advertisements: ad@mysurumithra.com
